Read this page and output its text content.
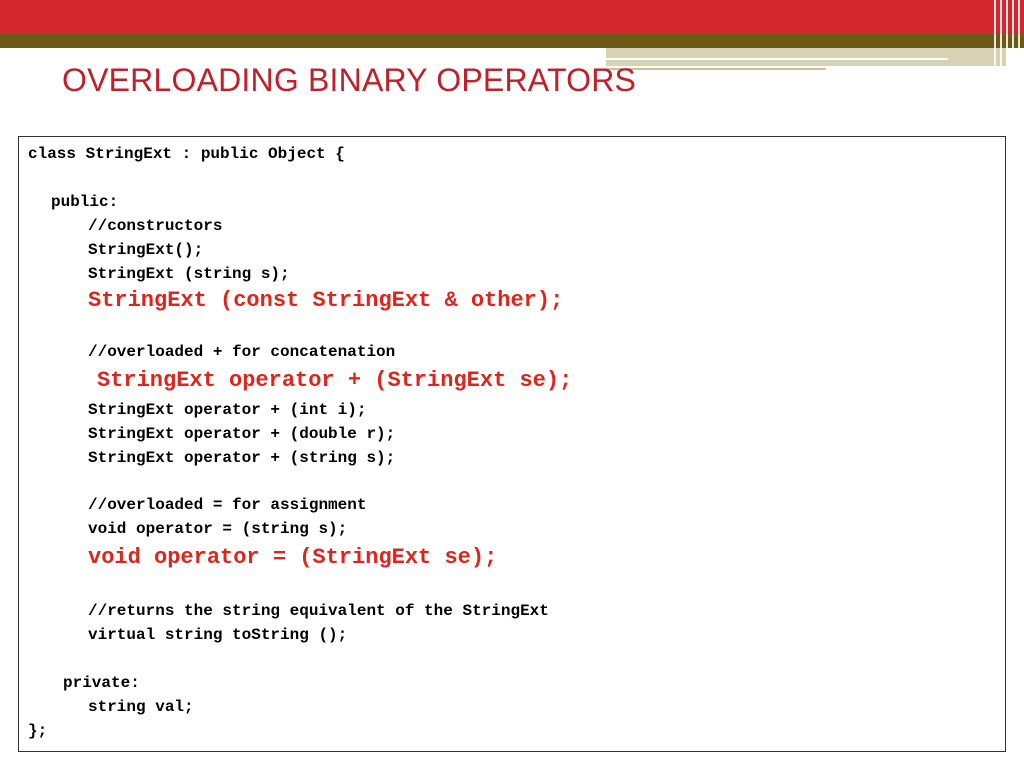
OVERLOADING BINARY OPERATORS
class StringExt : public Object {
public:
//constructors
StringExt();
StringExt (string s);
StringExt (const StringExt & other);
//overloaded + for concatenation
StringExt operator + (StringExt se);
StringExt operator + (int i);
StringExt operator + (double r);
StringExt operator + (string s);
//overloaded = for assignment
void operator = (string s);
void operator = (StringExt se);
//returns the string equivalent of the StringExt
virtual string toString ();
private:
string val;
};
